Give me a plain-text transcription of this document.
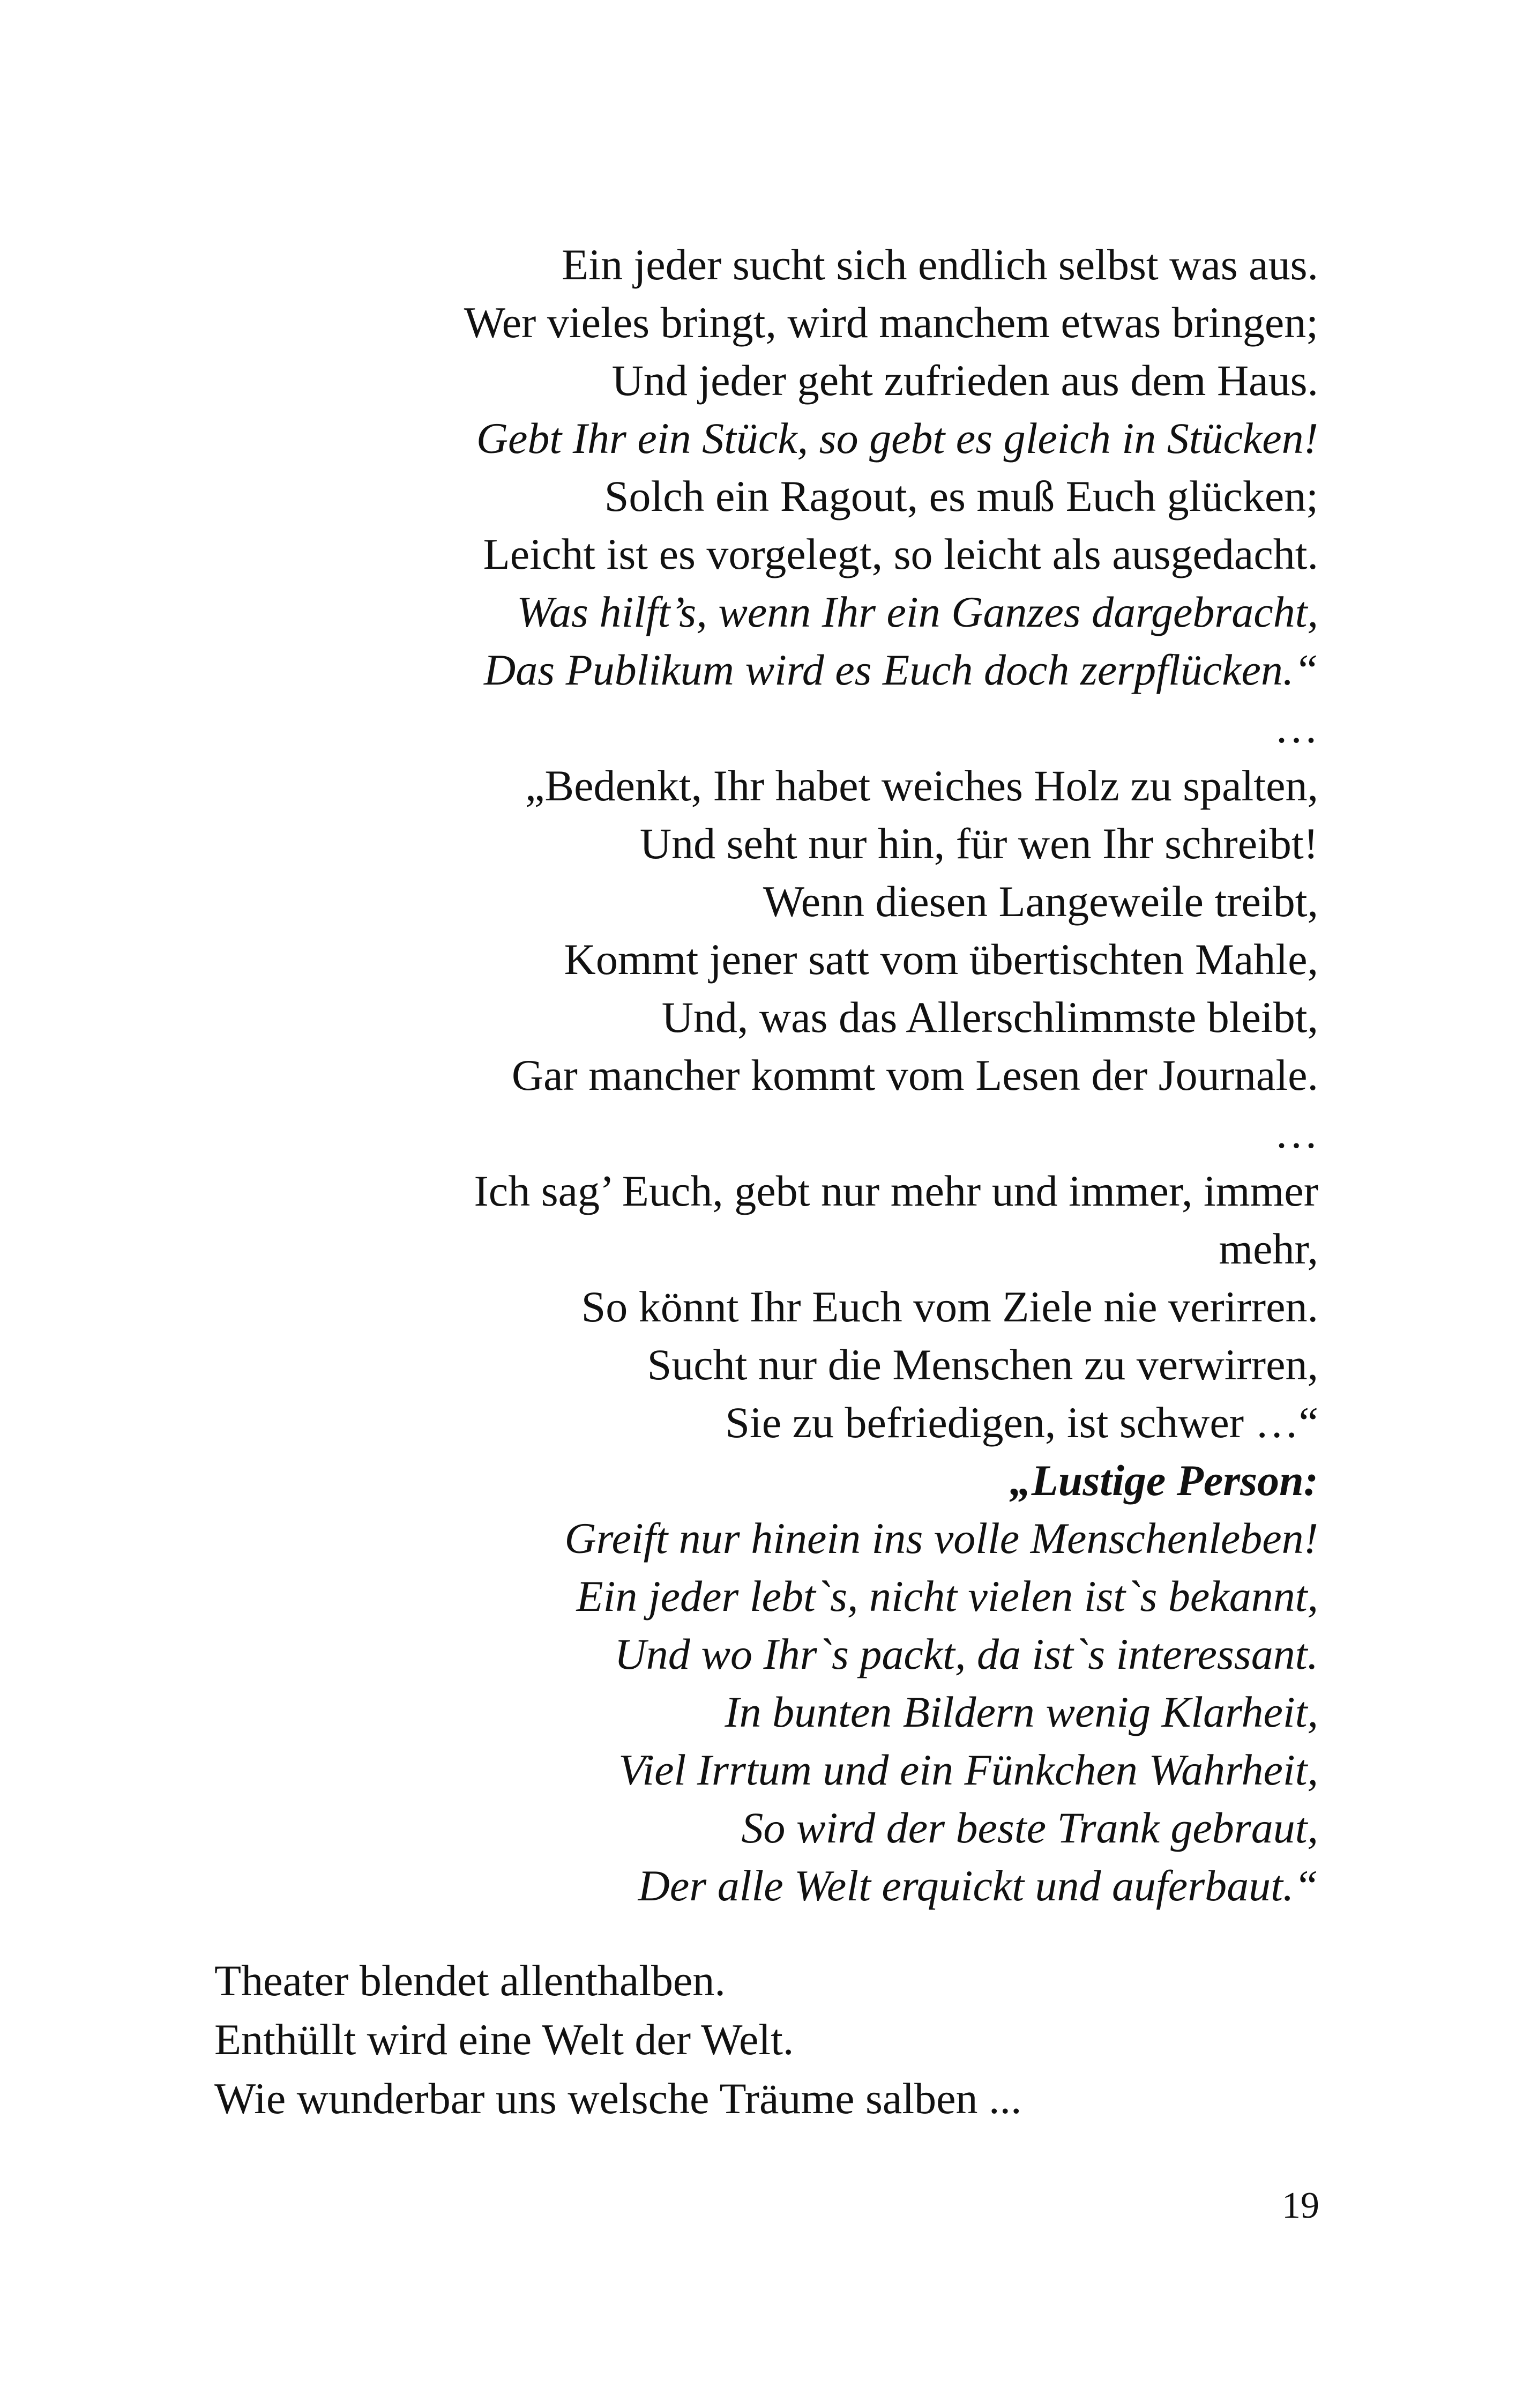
Ein jeder sucht sich endlich selbst was aus.
Wer vieles bringt, wird manchem etwas bringen;
Und jeder geht zufrieden aus dem Haus.
Gebt Ihr ein Stück, so gebt es gleich in Stücken!
Solch ein Ragout, es muß Euch glücken;
Leicht ist es vorgelegt, so leicht als ausgedacht.
Was hilft’s, wenn Ihr ein Ganzes dargebracht,
Das Publikum wird es Euch doch zerpflücken.“
…
„Bedenkt, Ihr habet weiches Holz zu spalten,
Und seht nur hin, für wen Ihr schreibt!
Wenn diesen Langeweile treibt,
Kommt jener satt vom übertischten Mahle,
Und, was das Allerschlimmste bleibt,
Gar mancher kommt vom Lesen der Journale.
…
Ich sag’ Euch, gebt nur mehr und immer, immer
mehr,
So könnt Ihr Euch vom Ziele nie verirren.
Sucht nur die Menschen zu verwirren,
Sie zu befriedigen, ist schwer …“
„Lustige Person:
Greift nur hinein ins volle Menschenleben!
Ein jeder lebt`s, nicht vielen ist`s bekannt,
Und wo Ihr`s packt, da ist`s interessant.
In bunten Bildern wenig Klarheit,
Viel Irrtum und ein Fünkchen Wahrheit,
So wird der beste Trank gebraut,
Der alle Welt erquickt und auferbaut.“
Theater blendet allenthalben.
Enthüllt wird eine Welt der Welt.
Wie wunderbar uns welsche Träume salben ...
19
